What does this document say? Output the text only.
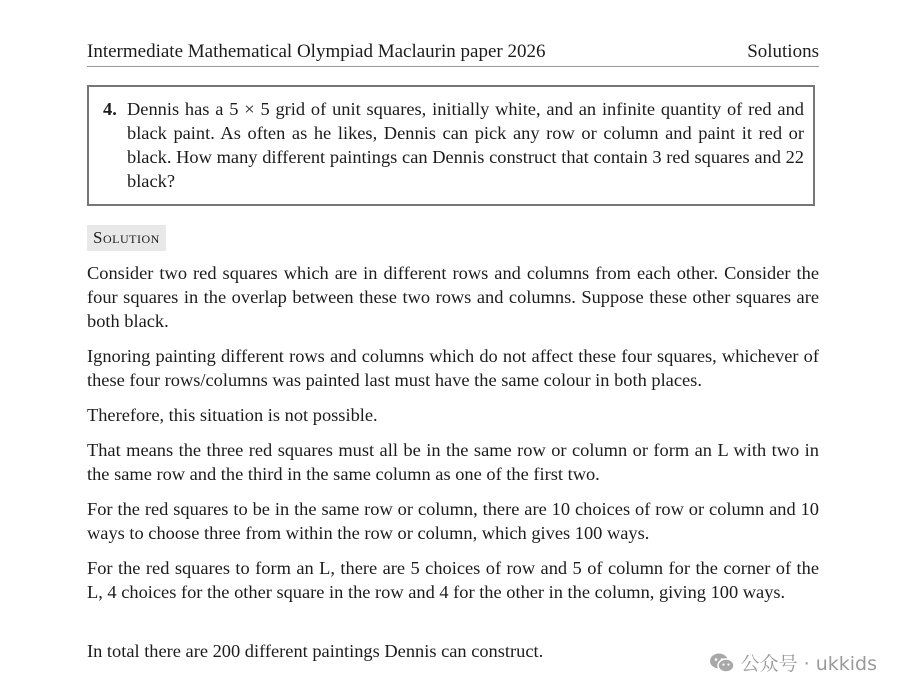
Intermediate Mathematical Olympiad Maclaurin paper 2026	Solutions
4. Dennis has a 5 × 5 grid of unit squares, initially white, and an infinite quantity of red and black paint. As often as he likes, Dennis can pick any row or column and paint it red or black. How many different paintings can Dennis construct that contain 3 red squares and 22 black?
Solution

Consider two red squares which are in different rows and columns from each other. Consider the four squares in the overlap between these two rows and columns. Suppose these other squares are both black.

Ignoring painting different rows and columns which do not affect these four squares, whichever of these four rows/columns was painted last must have the same colour in both places.

Therefore, this situation is not possible.

That means the three red squares must all be in the same row or column or form an L with two in the same row and the third in the same column as one of the first two.

For the red squares to be in the same row or column, there are 10 choices of row or column and 10 ways to choose three from within the row or column, which gives 100 ways.

For the red squares to form an L, there are 5 choices of row and 5 of column for the corner of the L, 4 choices for the other square in the row and 4 for the other in the column, giving 100 ways.

In total there are 200 different paintings Dennis can construct.

公众号 · ukkids
